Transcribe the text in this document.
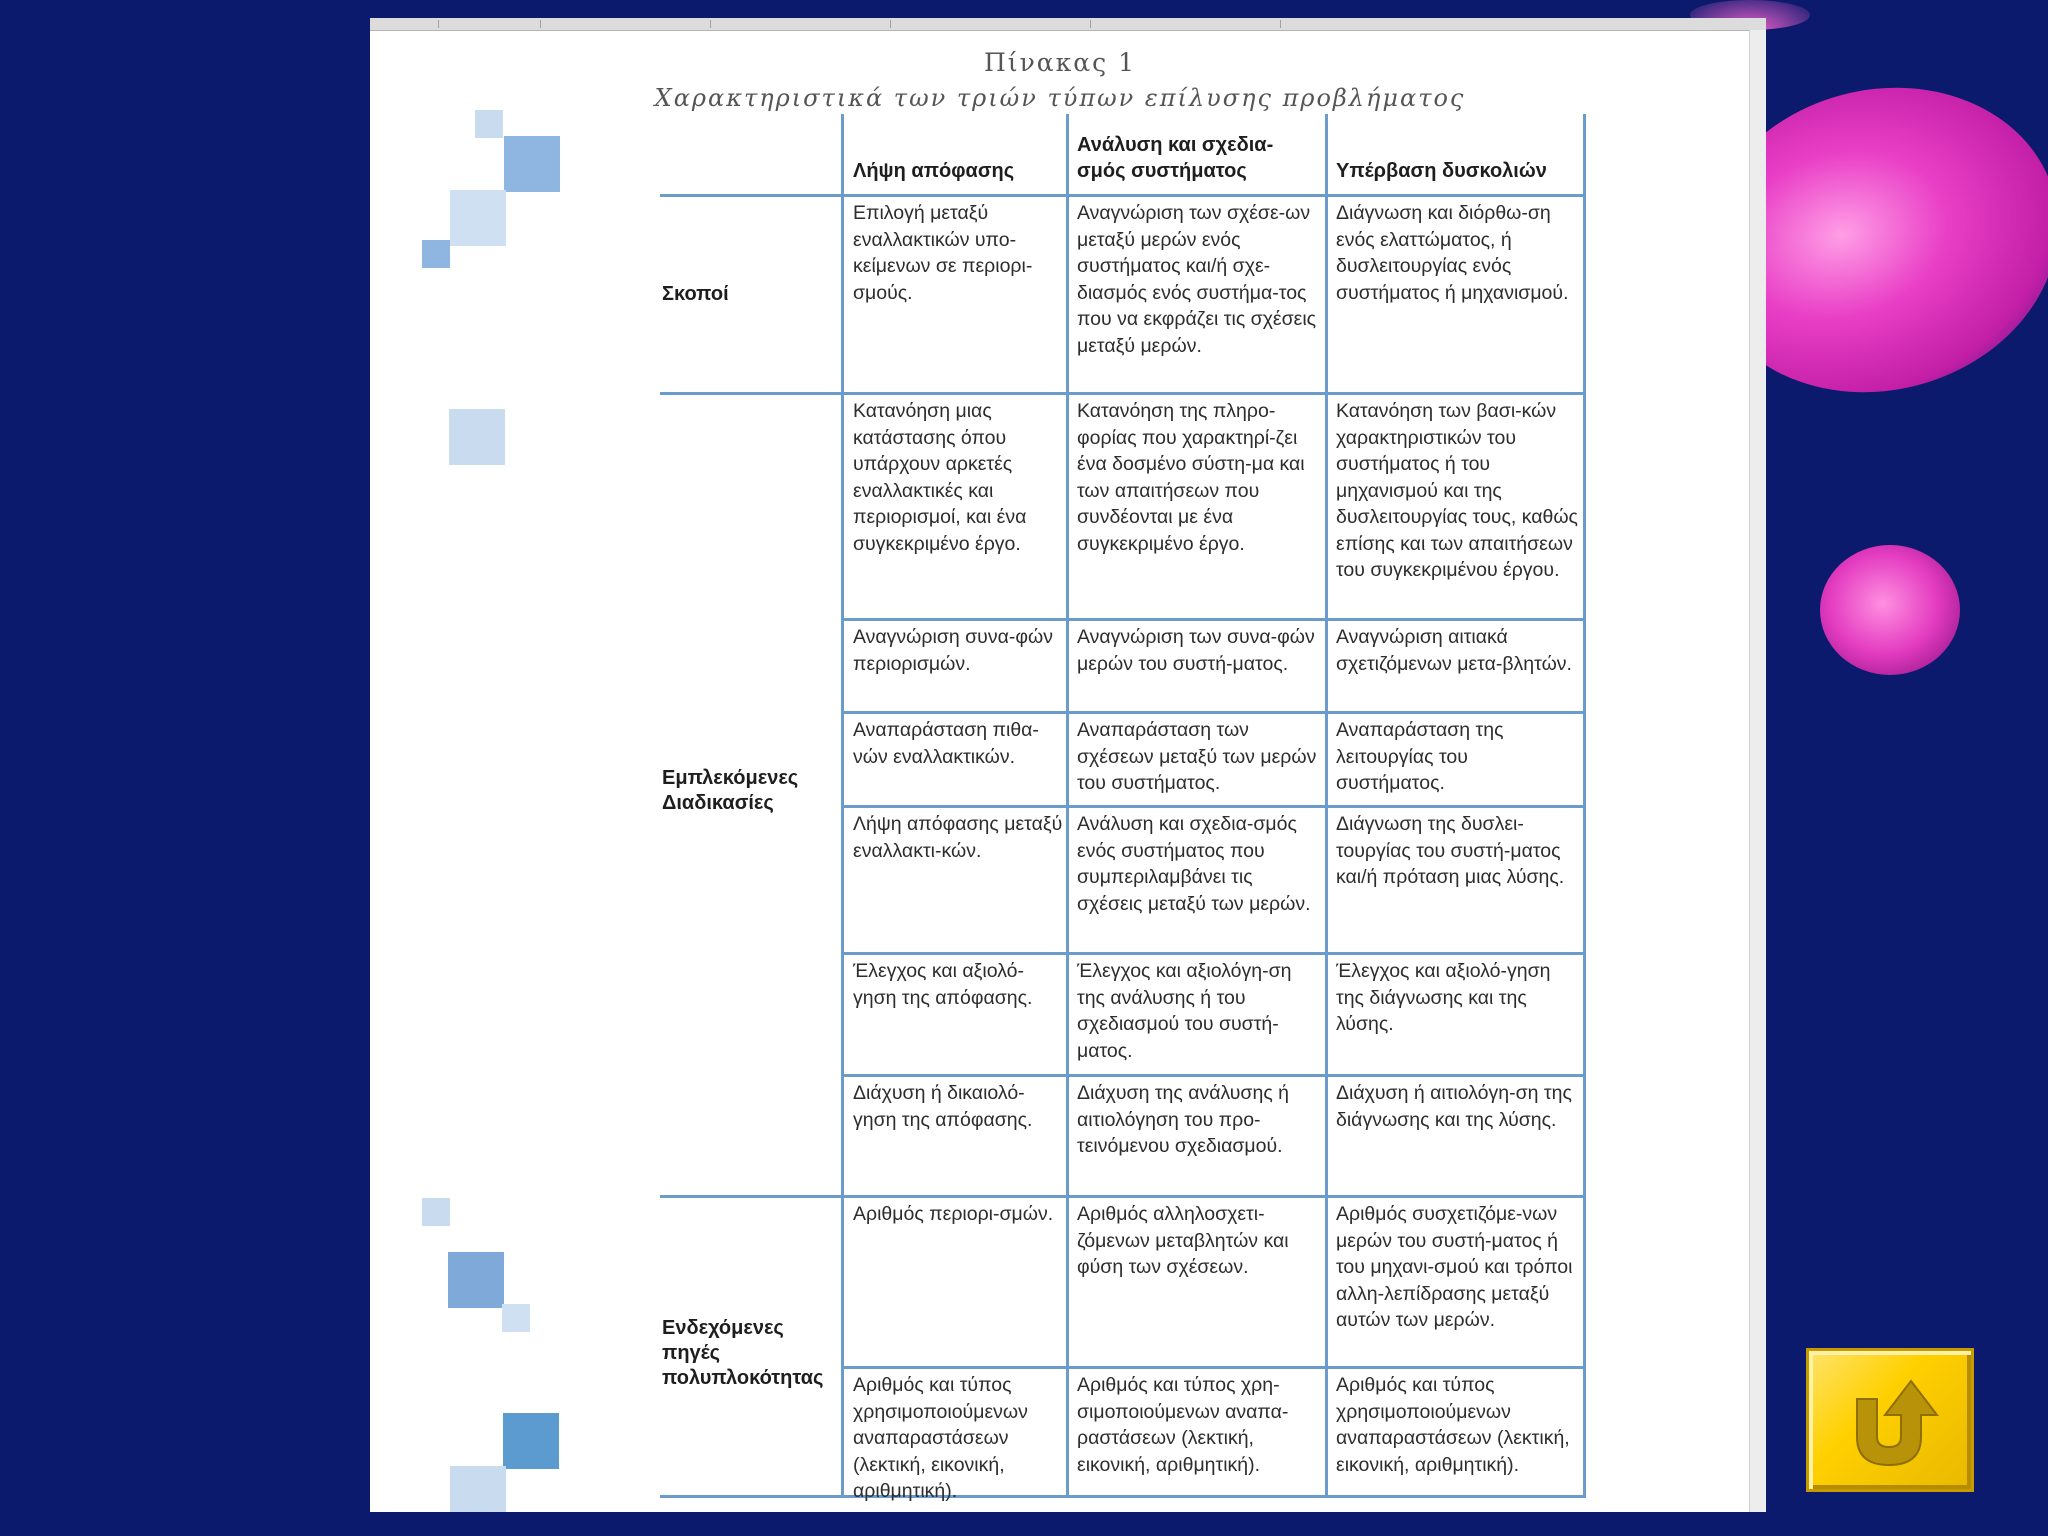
Πίνακας 1
Χαρακτηριστικά των τριών τύπων επίλυσης προβλήματος
Λήψη απόφασης
Ανάλυση και σχεδια-σμός συστήματος	Υπέρβαση δυσκολιών
Σκοποί
Εμπλεκόμενες Διαδικασίες
Ενδεχόμενες πηγές πολυπλοκότητας
Επιλογή μεταξύ εναλλακτικών υπο-κείμενων σε περιορι-σμούς.
Αναγνώριση των σχέσε-ων μεταξύ μερών ενός συστήματος και/ή σχε-διασμός ενός συστήμα-τος που να εκφράζει τις σχέσεις μεταξύ μερών.
Διάγνωση και διόρθω-ση ενός ελαττώματος, ή δυσλειτουργίας ενός συστήματος ή μηχανισμού.
Κατανόηση μιας κατάστασης όπου υπάρχουν αρκετές εναλλακτικές και περιορισμοί, και ένα συγκεκριμένο έργο.
Κατανόηση της πληρο-φορίας που χαρακτηρί-ζει ένα δοσμένο σύστη-μα και των απαιτήσεων που συνδέονται με ένα συγκεκριμένο έργο.
Κατανόηση των βασι-κών χαρακτηριστικών του συστήματος ή του μηχανισμού και της δυσλειτουργίας τους, καθώς επίσης και των απαιτήσεων του συγκεκριμένου έργου.
Αναγνώριση συνα-φών περιορισμών.
Αναγνώριση των συνα-φών μερών του συστή-ματος.
Αναγνώριση αιτιακά σχετιζόμενων μετα-βλητών.
Αναπαράσταση πιθα-νών εναλλακτικών.
Αναπαράσταση των σχέσεων μεταξύ των μερών του συστήματος.
Αναπαράσταση της λειτουργίας του συστήματος.
Λήψη απόφασης μεταξύ εναλλακτι-κών.
Ανάλυση και σχεδια-σμός ενός συστήματος που συμπεριλαμβάνει τις σχέσεις μεταξύ των μερών.
Διάγνωση της δυσλει-τουργίας του συστή-ματος και/ή πρόταση μιας λύσης.
Έλεγχος και αξιολό-γηση της απόφασης.
Έλεγχος και αξιολόγη-ση της ανάλυσης ή του σχεδιασμού του συστή-ματος.
Έλεγχος και αξιολό-γηση της διάγνωσης και της λύσης.
Διάχυση ή δικαιολό-γηση της απόφασης.
Διάχυση της ανάλυσης ή αιτιολόγηση του προ-τεινόμενου σχεδιασμού.
Διάχυση ή αιτιολόγη-ση της διάγνωσης και της λύσης.
Αριθμός περιορι-σμών.	Αριθμός αλληλοσχετι-ζόμενων μεταβλητών και φύση των σχέσεων.
Αριθμός συσχετιζόμε-νων μερών του συστή-ματος ή του μηχανι-σμού και τρόποι αλλη-λεπίδρασης μεταξύ αυτών των μερών.
Αριθμός και τύπος χρησιμοποιούμενων αναπαραστάσεων (λεκτική, εικονική, αριθμητική).
Αριθμός και τύπος χρη-σιμοποιούμενων αναπα-ραστάσεων (λεκτική, εικονική, αριθμητική).
Αριθμός και τύπος χρησιμοποιούμενων αναπαραστάσεων (λεκτική, εικονική, αριθμητική).
